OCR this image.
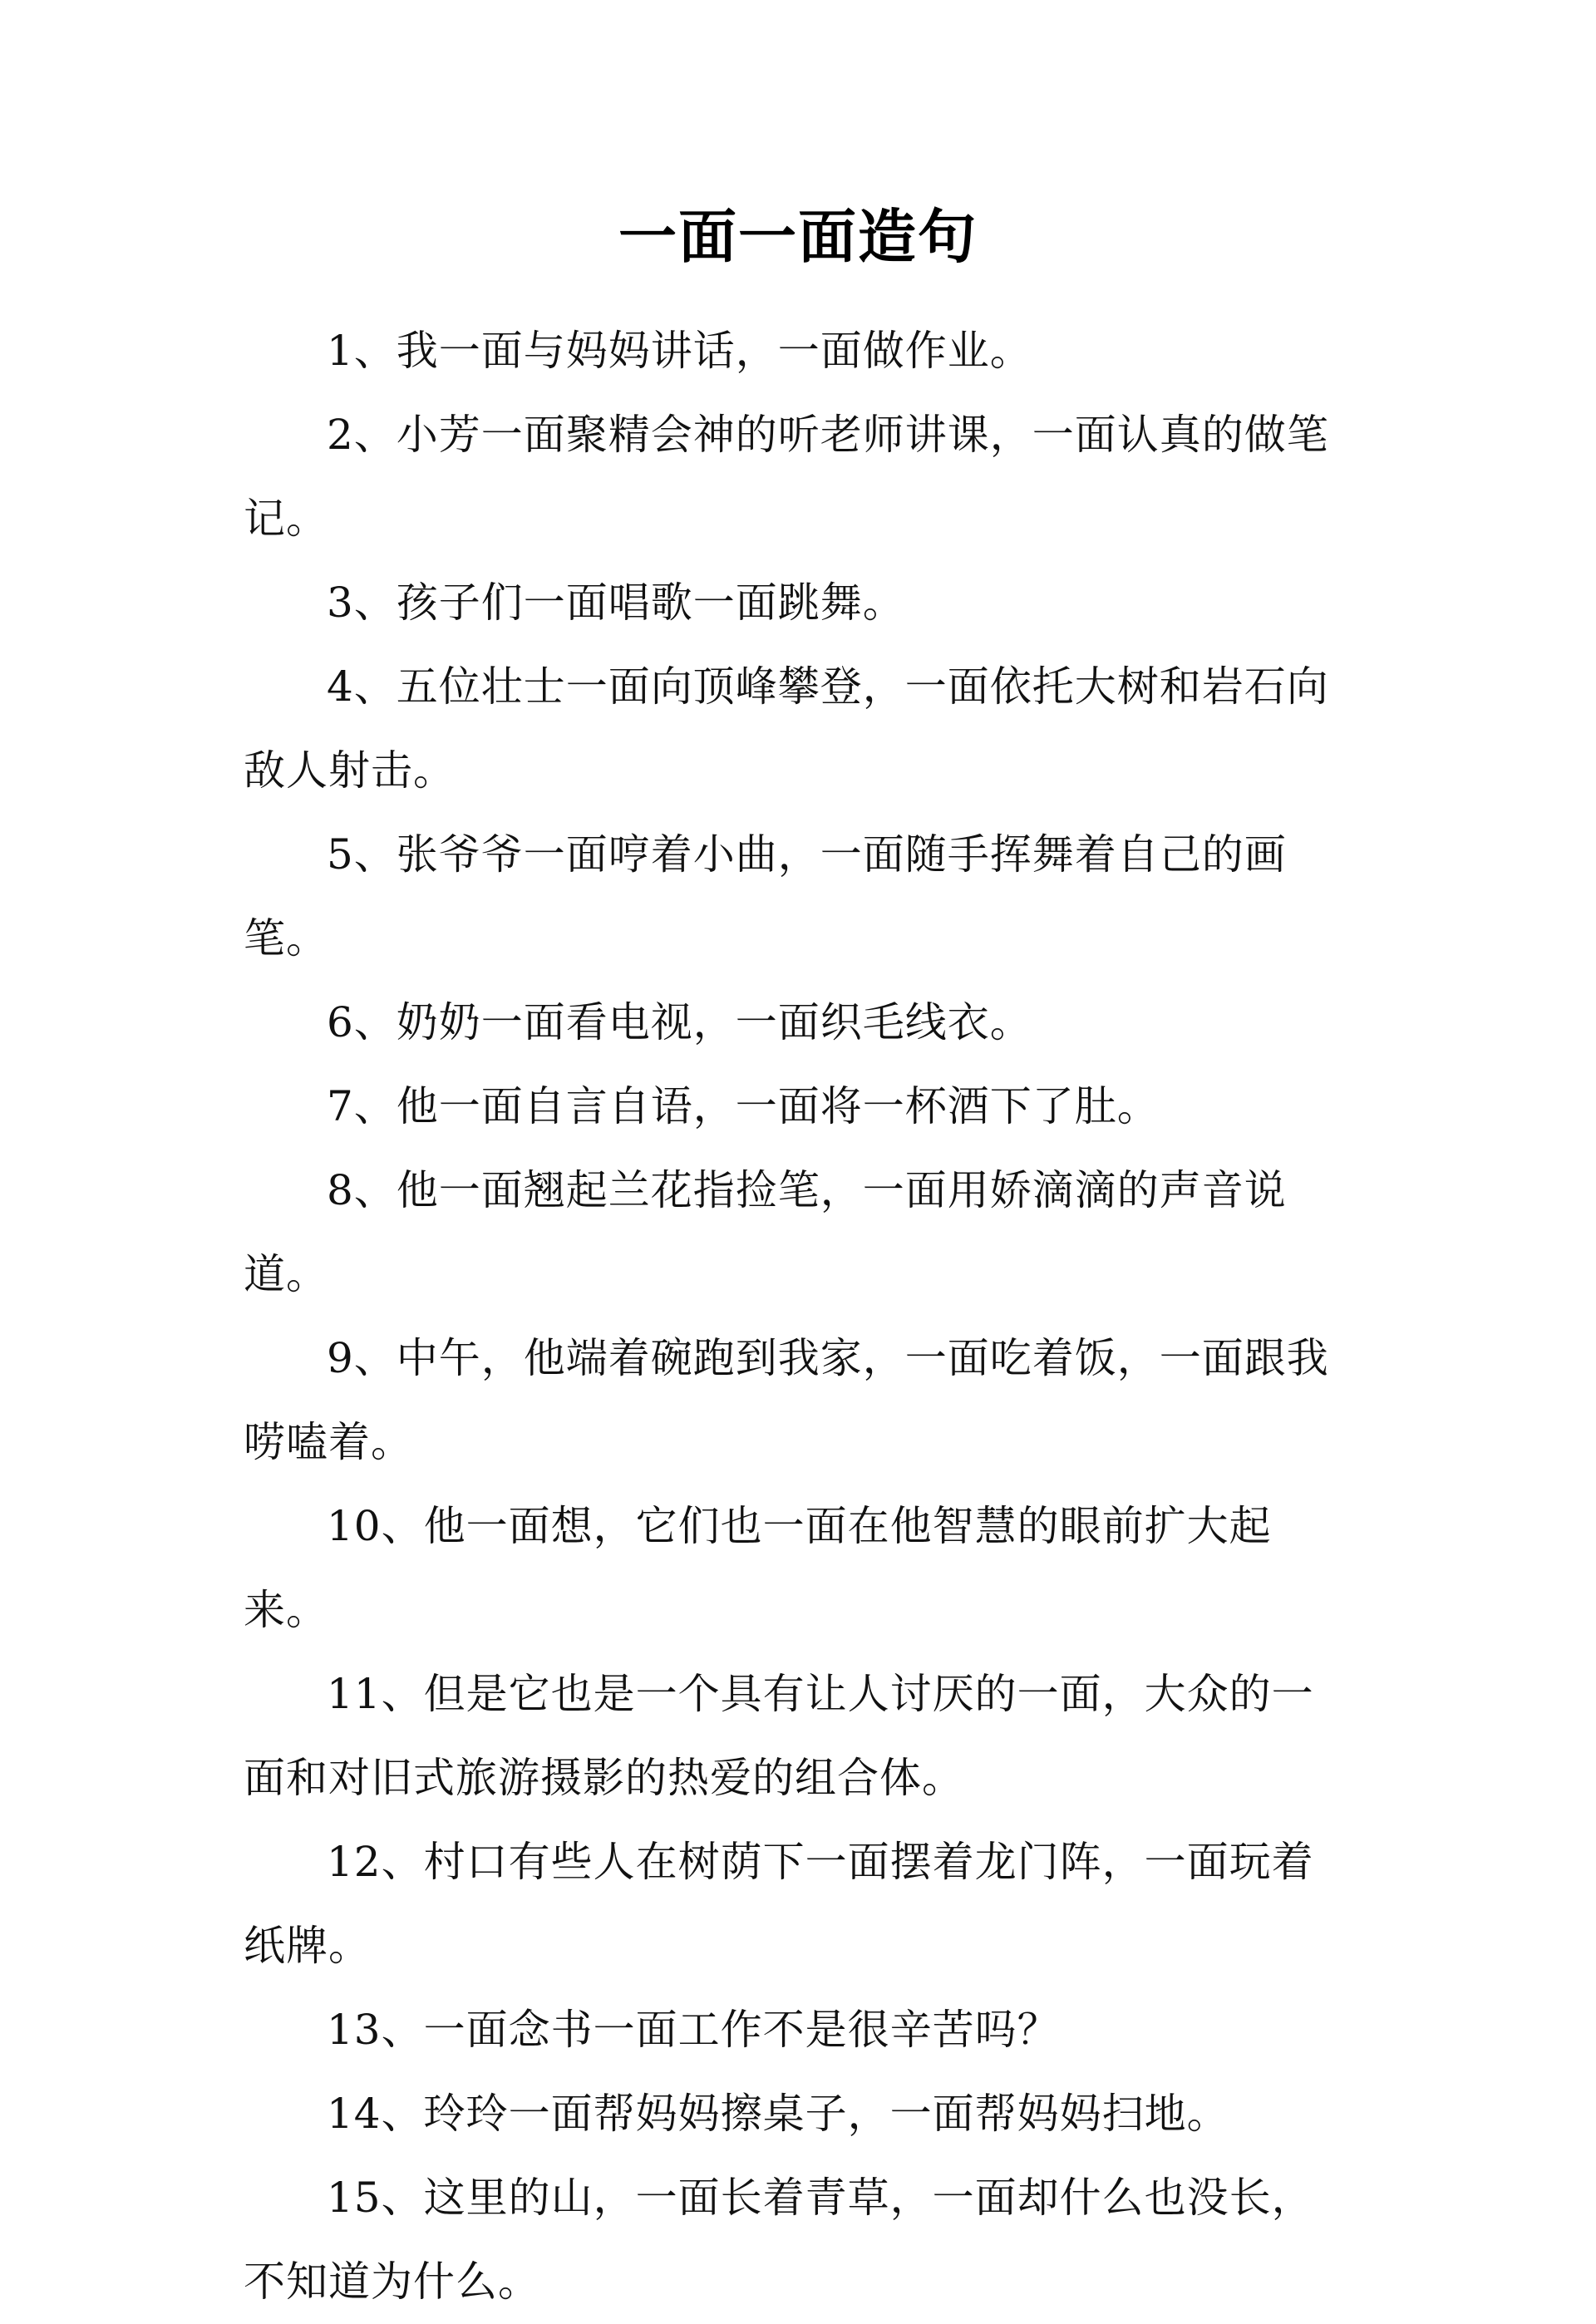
一面一面造句

1、我一面与妈妈讲话，一面做作业。

2、小芳一面聚精会神的听老师讲课，一面认真的做笔记。

3、孩子们一面唱歌一面跳舞。

4、五位壮士一面向顶峰攀登，一面依托大树和岩石向敌人射击。

5、张爷爷一面哼着小曲，一面随手挥舞着自己的画笔。

6、奶奶一面看电视，一面织毛线衣。

7、他一面自言自语，一面将一杯酒下了肚。

8、他一面翘起兰花指捡笔，一面用娇滴滴的声音说道。

9、中午，他端着碗跑到我家，一面吃着饭，一面跟我唠嗑着。

10、他一面想，它们也一面在他智慧的眼前扩大起来。

11、但是它也是一个具有让人讨厌的一面，大众的一面和对旧式旅游摄影的热爱的组合体。

12、村口有些人在树荫下一面摆着龙门阵，一面玩着纸牌。

13、一面念书一面工作不是很辛苦吗？

14、玲玲一面帮妈妈擦桌子，一面帮妈妈扫地。

15、这里的山，一面长着青草，一面却什么也没长，不知道为什么。
